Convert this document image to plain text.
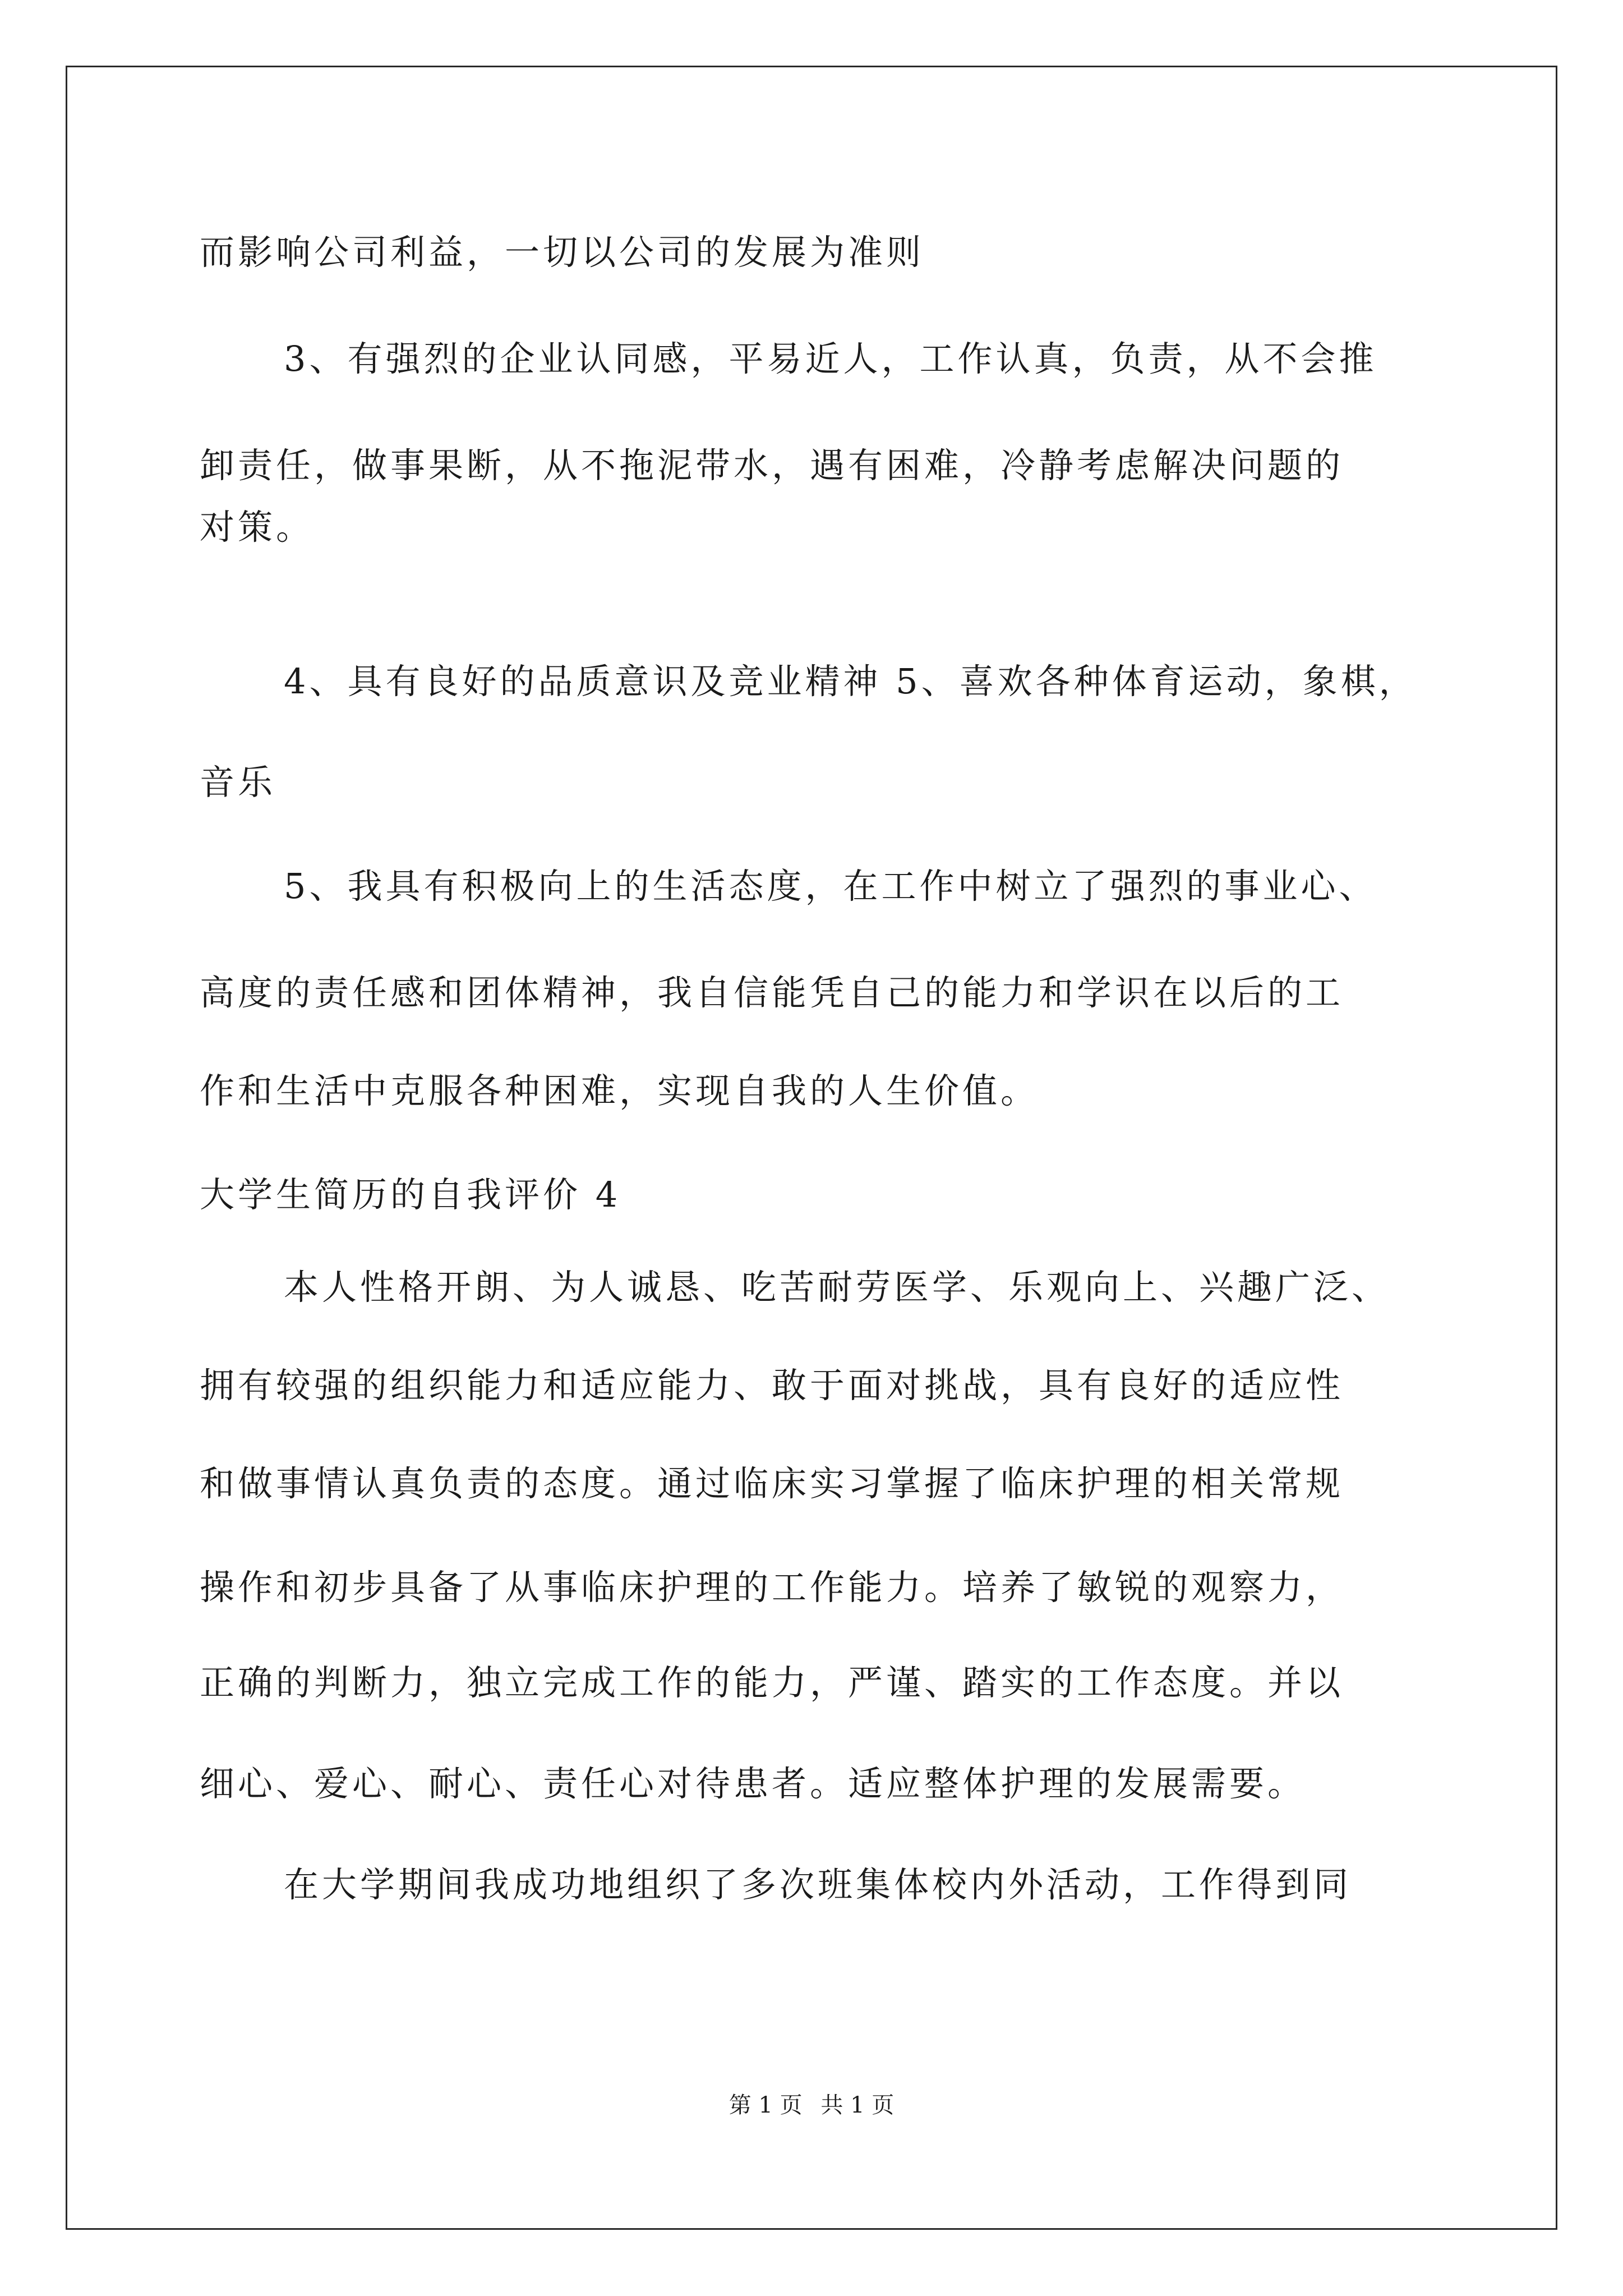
而影响公司利益，一切以公司的发展为准则
3、有强烈的企业认同感，平易近人，工作认真，负责，从不会推
卸责任，做事果断，从不拖泥带水，遇有困难，冷静考虑解决问题的
对策。
4、具有良好的品质意识及竞业精神 5、喜欢各种体育运动，象棋，
音乐
5、我具有积极向上的生活态度，在工作中树立了强烈的事业心、
高度的责任感和团体精神，我自信能凭自己的能力和学识在以后的工
作和生活中克服各种困难，实现自我的人生价值。
大学生简历的自我评价 4
本人性格开朗、为人诚恳、吃苦耐劳医学、乐观向上、兴趣广泛、
拥有较强的组织能力和适应能力、敢于面对挑战，具有良好的适应性
和做事情认真负责的态度。通过临床实习掌握了临床护理的相关常规
操作和初步具备了从事临床护理的工作能力。培养了敏锐的观察力，
正确的判断力，独立完成工作的能力，严谨、踏实的工作态度。并以
细心、爱心、耐心、责任心对待患者。适应整体护理的发展需要。
在大学期间我成功地组织了多次班集体校内外活动，工作得到同
第 1 页 共 1 页
